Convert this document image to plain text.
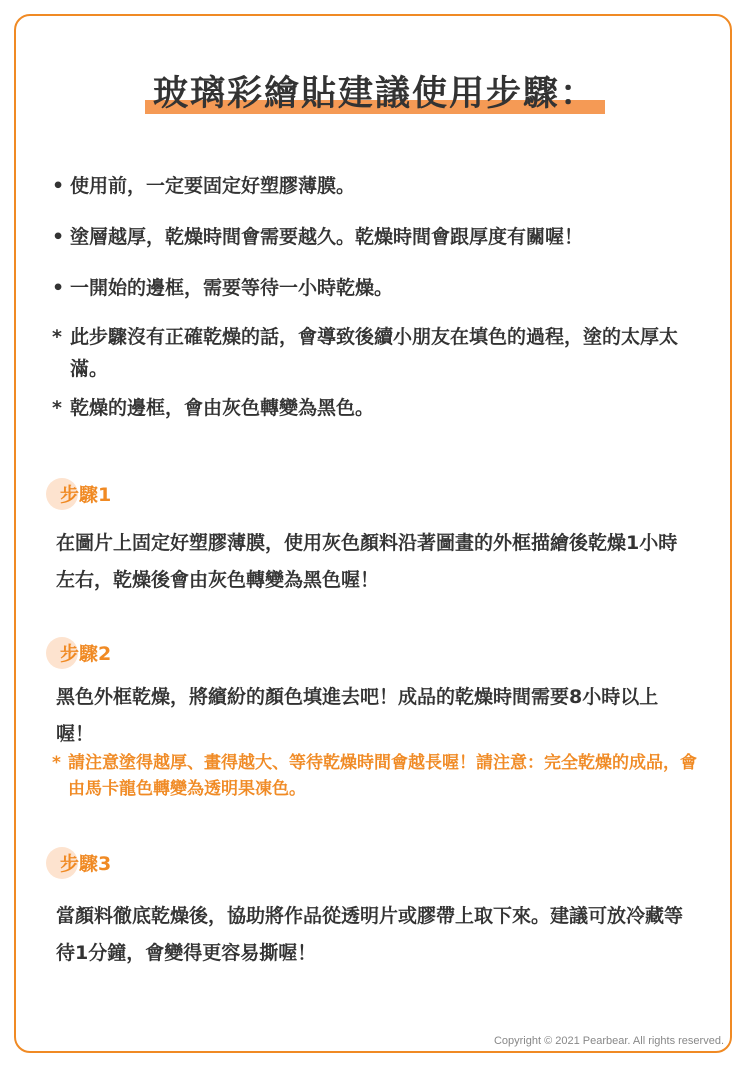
玻璃彩繪貼建議使用步驟：
• 使用前，一定要固定好塑膠薄膜。
• 塗層越厚，乾燥時間會需要越久。乾燥時間會跟厚度有關喔！
• 一開始的邊框，需要等待一小時乾燥。
* 此步驟沒有正確乾燥的話，會導致後續小朋友在填色的過程，塗的太厚太滿。
* 乾燥的邊框，會由灰色轉變為黑色。
步驟1
在圖片上固定好塑膠薄膜，使用灰色顏料沿著圖畫的外框描繪後乾燥1小時左右，乾燥後會由灰色轉變為黑色喔！
步驟2
黑色外框乾燥，將繽紛的顏色填進去吧！成品的乾燥時間需要8小時以上喔！
* 請注意塗得越厚、畫得越大、等待乾燥時間會越長喔！請注意：完全乾燥的成品，會由馬卡龍色轉變為透明果凍色。
步驟3
當顏料徹底乾燥後，協助將作品從透明片或膠帶上取下來。建議可放冷藏等待1分鐘，會變得更容易撕喔！
Copyright © 2021 Pearbear. All rights reserved.
